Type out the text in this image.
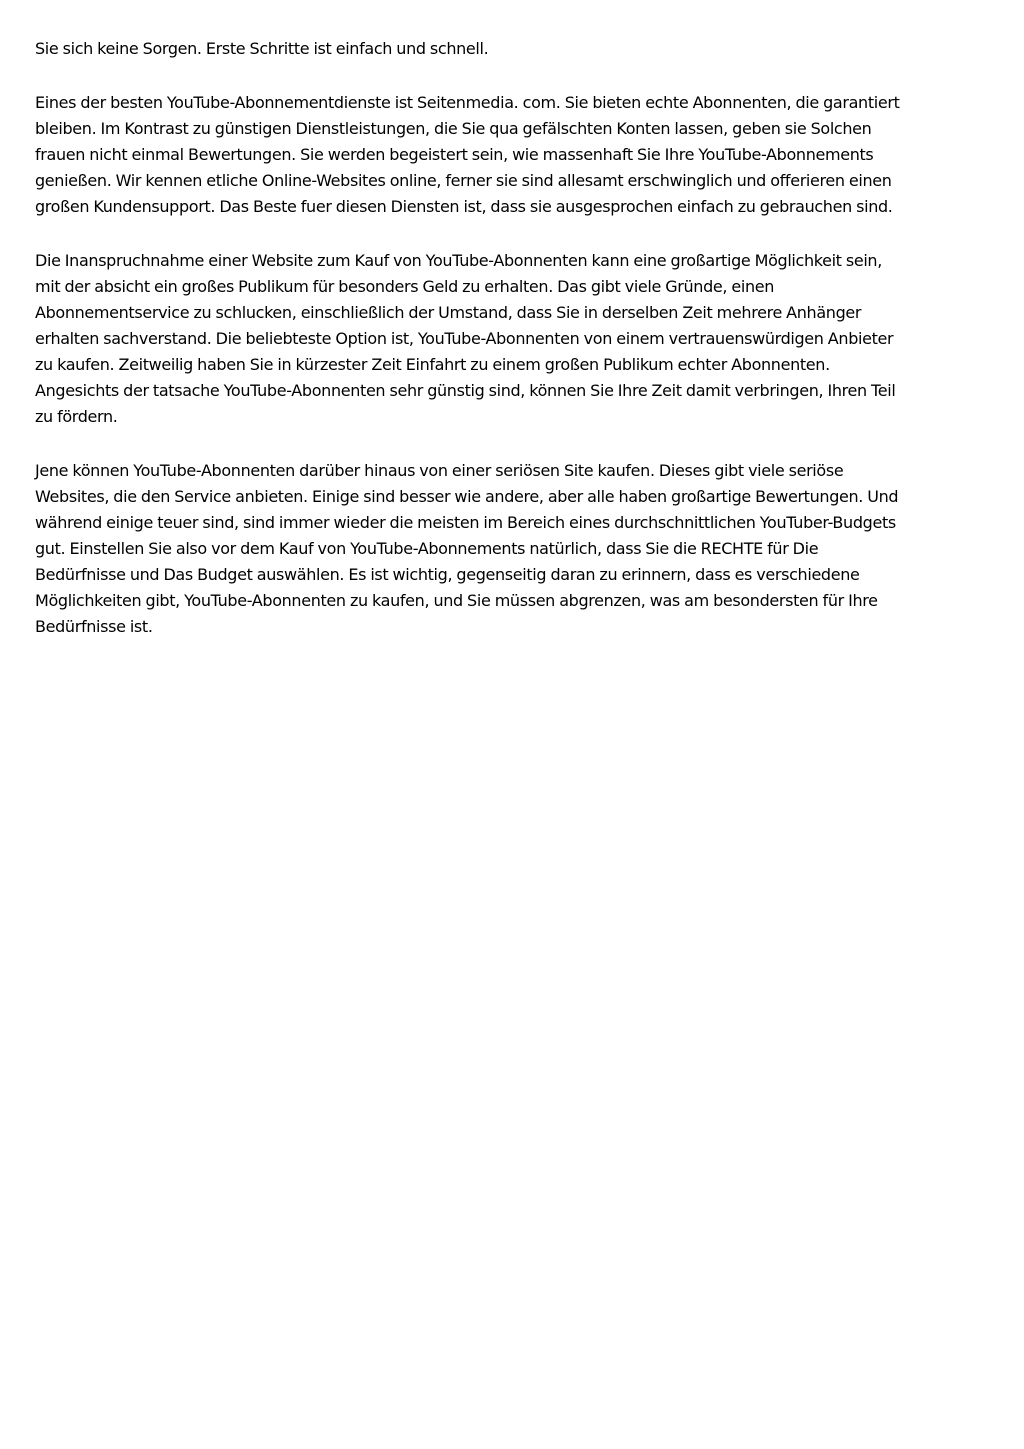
Sie sich keine Sorgen. Erste Schritte ist einfach und schnell.

Eines der besten YouTube-Abonnementdienste ist Seitenmedia. com. Sie bieten echte Abonnenten, die garantiert
bleiben. Im Kontrast zu günstigen Dienstleistungen, die Sie qua gefälschten Konten lassen, geben sie Solchen
frauen nicht einmal Bewertungen. Sie werden begeistert sein, wie massenhaft Sie Ihre YouTube-Abonnements
genießen. Wir kennen etliche Online-Websites online, ferner sie sind allesamt erschwinglich und offerieren einen
großen Kundensupport. Das Beste fuer diesen Diensten ist, dass sie ausgesprochen einfach zu gebrauchen sind.

Die Inanspruchnahme einer Website zum Kauf von YouTube-Abonnenten kann eine großartige Möglichkeit sein,
mit der absicht ein großes Publikum für besonders Geld zu erhalten. Das gibt viele Gründe, einen
Abonnementservice zu schlucken, einschließlich der Umstand, dass Sie in derselben Zeit mehrere Anhänger
erhalten sachverstand. Die beliebteste Option ist, YouTube-Abonnenten von einem vertrauenswürdigen Anbieter
zu kaufen. Zeitweilig haben Sie in kürzester Zeit Einfahrt zu einem großen Publikum echter Abonnenten.
Angesichts der tatsache YouTube-Abonnenten sehr günstig sind, können Sie Ihre Zeit damit verbringen, Ihren Teil
zu fördern.

Jene können YouTube-Abonnenten darüber hinaus von einer seriösen Site kaufen. Dieses gibt viele seriöse
Websites, die den Service anbieten. Einige sind besser wie andere, aber alle haben großartige Bewertungen. Und
während einige teuer sind, sind immer wieder die meisten im Bereich eines durchschnittlichen YouTuber-Budgets
gut. Einstellen Sie also vor dem Kauf von YouTube-Abonnements natürlich, dass Sie die RECHTE für Die
Bedürfnisse und Das Budget auswählen. Es ist wichtig, gegenseitig daran zu erinnern, dass es verschiedene
Möglichkeiten gibt, YouTube-Abonnenten zu kaufen, und Sie müssen abgrenzen, was am besondersten für Ihre
Bedürfnisse ist.
